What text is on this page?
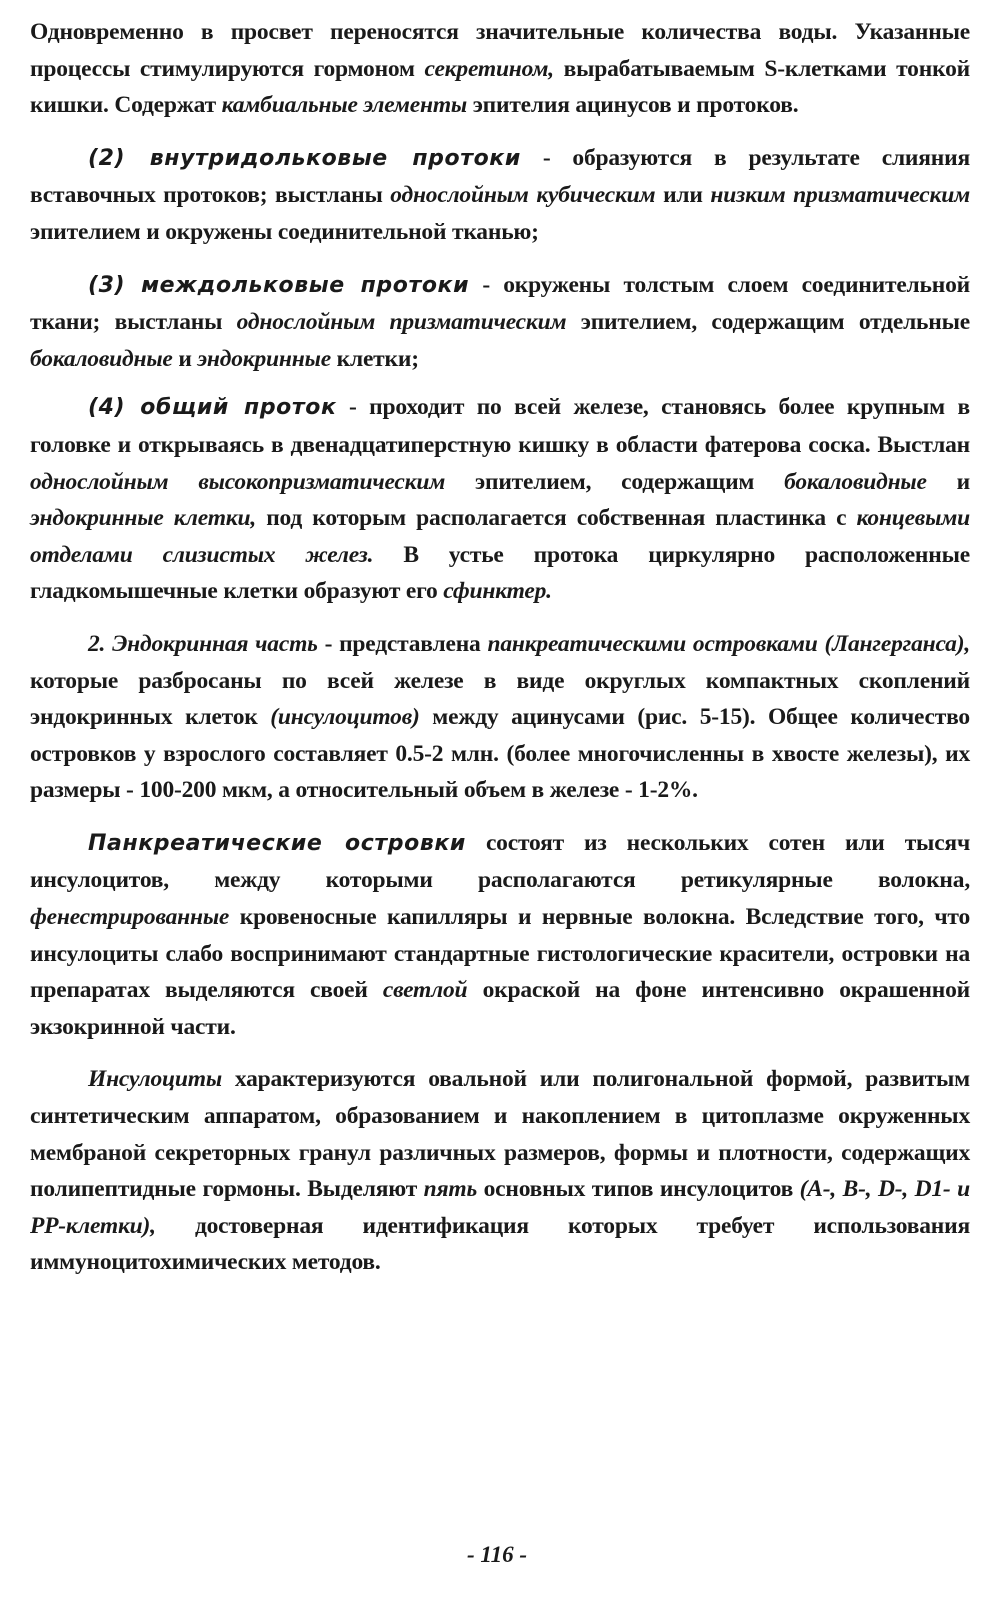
Одновременно в просвет переносятся значительные количества воды. Указанные процессы стимулируются гормоном секретином, вырабатываемым S-клетками тонкой кишки. Содержат камбиальные элементы эпителия ацинусов и протоков.

(2) внутридольковые протоки - образуются в результате слияния вставочных протоков; выстланы однослойным кубическим или низким призматическим эпителием и окружены соединительной тканью;

(3) междольковые протоки - окружены толстым слоем соединительной ткани; выстланы однослойным призматическим эпителием, содержащим отдельные бокаловидные и эндокринные клетки;

(4) общий проток - проходит по всей железе, становясь более крупным в головке и открываясь в двенадцатиперстную кишку в области фатерова соска. Выстлан однослойным высокопризматическим эпителием, содержащим бокаловидные и эндокринные клетки, под которым располагается собственная пластинка с концевыми отделами слизистых желез. В устье протока циркулярно расположенные гладкомышечные клетки образуют его сфинктер.

2. Эндокринная часть - представлена панкреатическими островками (Лангерганса), которые разбросаны по всей железе в виде округлых компактных скоплений эндокринных клеток (инсулоцитов) между ацинусами (рис. 5-15). Общее количество островков у взрослого составляет 0.5-2 млн. (более многочисленны в хвосте железы), их размеры - 100-200 мкм, а относительный объем в железе - 1-2%.

Панкреатические островки состоят из нескольких сотен или тысяч инсулоцитов, между которыми располагаются ретикулярные волокна, фенестрированные кровеносные капилляры и нервные волокна. Вследствие того, что инсулоциты слабо воспринимают стандартные гистологические красители, островки на препаратах выделяются своей светлой окраской на фоне интенсивно окрашенной экзокринной части.

Инсулоциты характеризуются овальной или полигональной формой, развитым синтетическим аппаратом, образованием и накоплением в цитоплазме окруженных мембраной секреторных гранул различных размеров, формы и плотности, содержащих полипептидные гормоны. Выделяют пять основных типов инсулоцитов (A-, B-, D-, D1- и PP-клетки), достоверная идентификация которых требует использования иммуноцитохимических методов.

- 116 -
